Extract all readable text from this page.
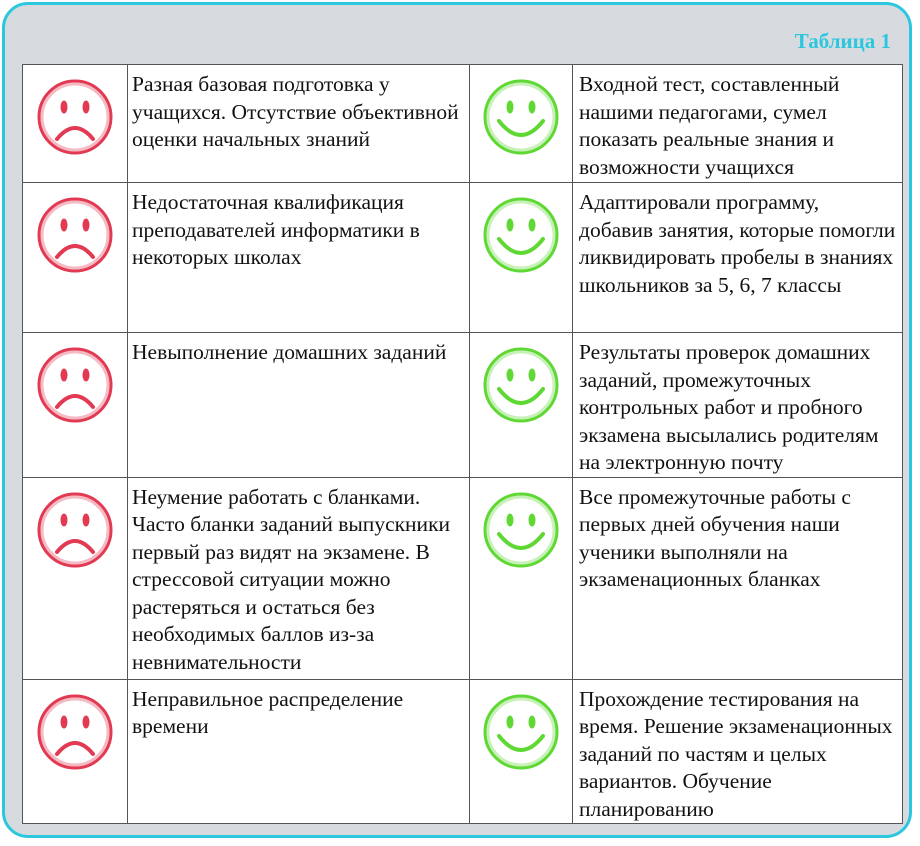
Таблица 1
	Разная базовая подготовка у учащихся. Отсутствие объективной оценки начальных знаний		Входной тест, составленный нашими педагогами, сумел показать реальные знания и возможности учащихся

	Недостаточная квалификация преподавателей информатики в некоторых школах		Адаптировали программу, добавив занятия, которые помогли ликвидировать пробелы в знаниях школьников за 5, 6, 7 классы

	Невыполнение домашних заданий		Результаты проверок домашних заданий, промежуточных контрольных работ и пробного экзамена высылались родителям на электронную почту

	Неумение работать с бланками. Часто бланки заданий выпускники первый раз видят на экзамене. В стрессовой ситуации можно растеряться и остаться без необходимых баллов из-за невнимательности		Все промежуточные работы с первых дней обучения наши ученики выполняли на экзаменационных бланках

	Неправильное распределение времени		Прохождение тестирования на время. Решение экзаменационных заданий по частям и целых вариантов. Обучение планированию
